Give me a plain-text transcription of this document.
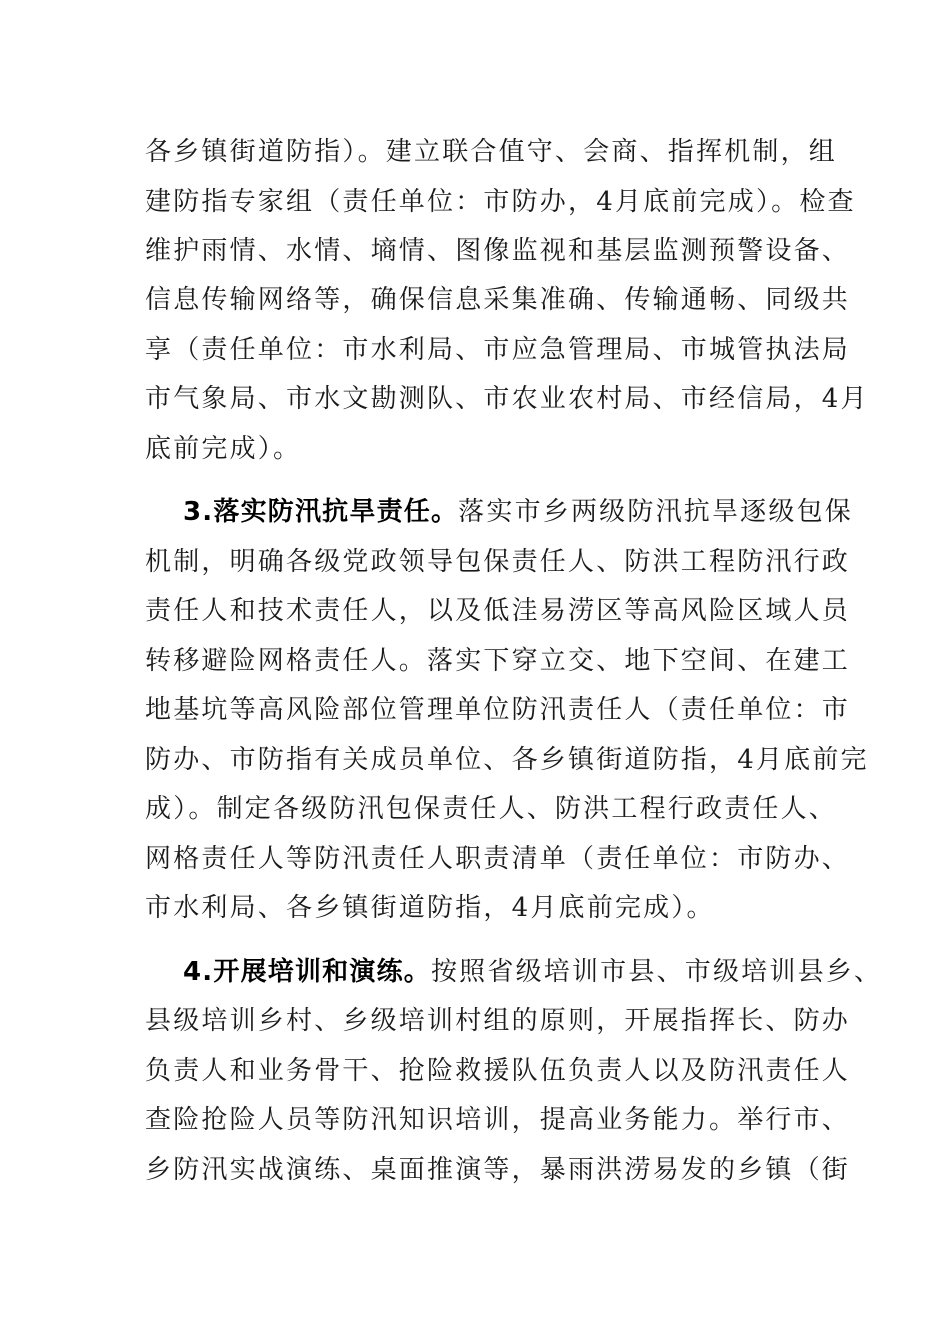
各乡镇街道防指）。建立联合值守、会商、指挥机制，组
建防指专家组（责任单位：市防办，4月底前完成）。检查
维护雨情、水情、墒情、图像监视和基层监测预警设备、
信息传输网络等，确保信息采集准确、传输通畅、同级共
享（责任单位：市水利局、市应急管理局、市城管执法局
市气象局、市水文勘测队、市农业农村局、市经信局，4月
底前完成）。
3.落实防汛抗旱责任。落实市乡两级防汛抗旱逐级包保
机制，明确各级党政领导包保责任人、防洪工程防汛行政
责任人和技术责任人，以及低洼易涝区等高风险区域人员
转移避险网格责任人。落实下穿立交、地下空间、在建工
地基坑等高风险部位管理单位防汛责任人（责任单位：市
防办、市防指有关成员单位、各乡镇街道防指，4月底前完
成）。制定各级防汛包保责任人、防洪工程行政责任人、
网格责任人等防汛责任人职责清单（责任单位：市防办、
市水利局、各乡镇街道防指，4月底前完成）。
4.开展培训和演练。按照省级培训市县、市级培训县乡、
县级培训乡村、乡级培训村组的原则，开展指挥长、防办
负责人和业务骨干、抢险救援队伍负责人以及防汛责任人
查险抢险人员等防汛知识培训，提高业务能力。举行市、
乡防汛实战演练、桌面推演等，暴雨洪涝易发的乡镇（街
